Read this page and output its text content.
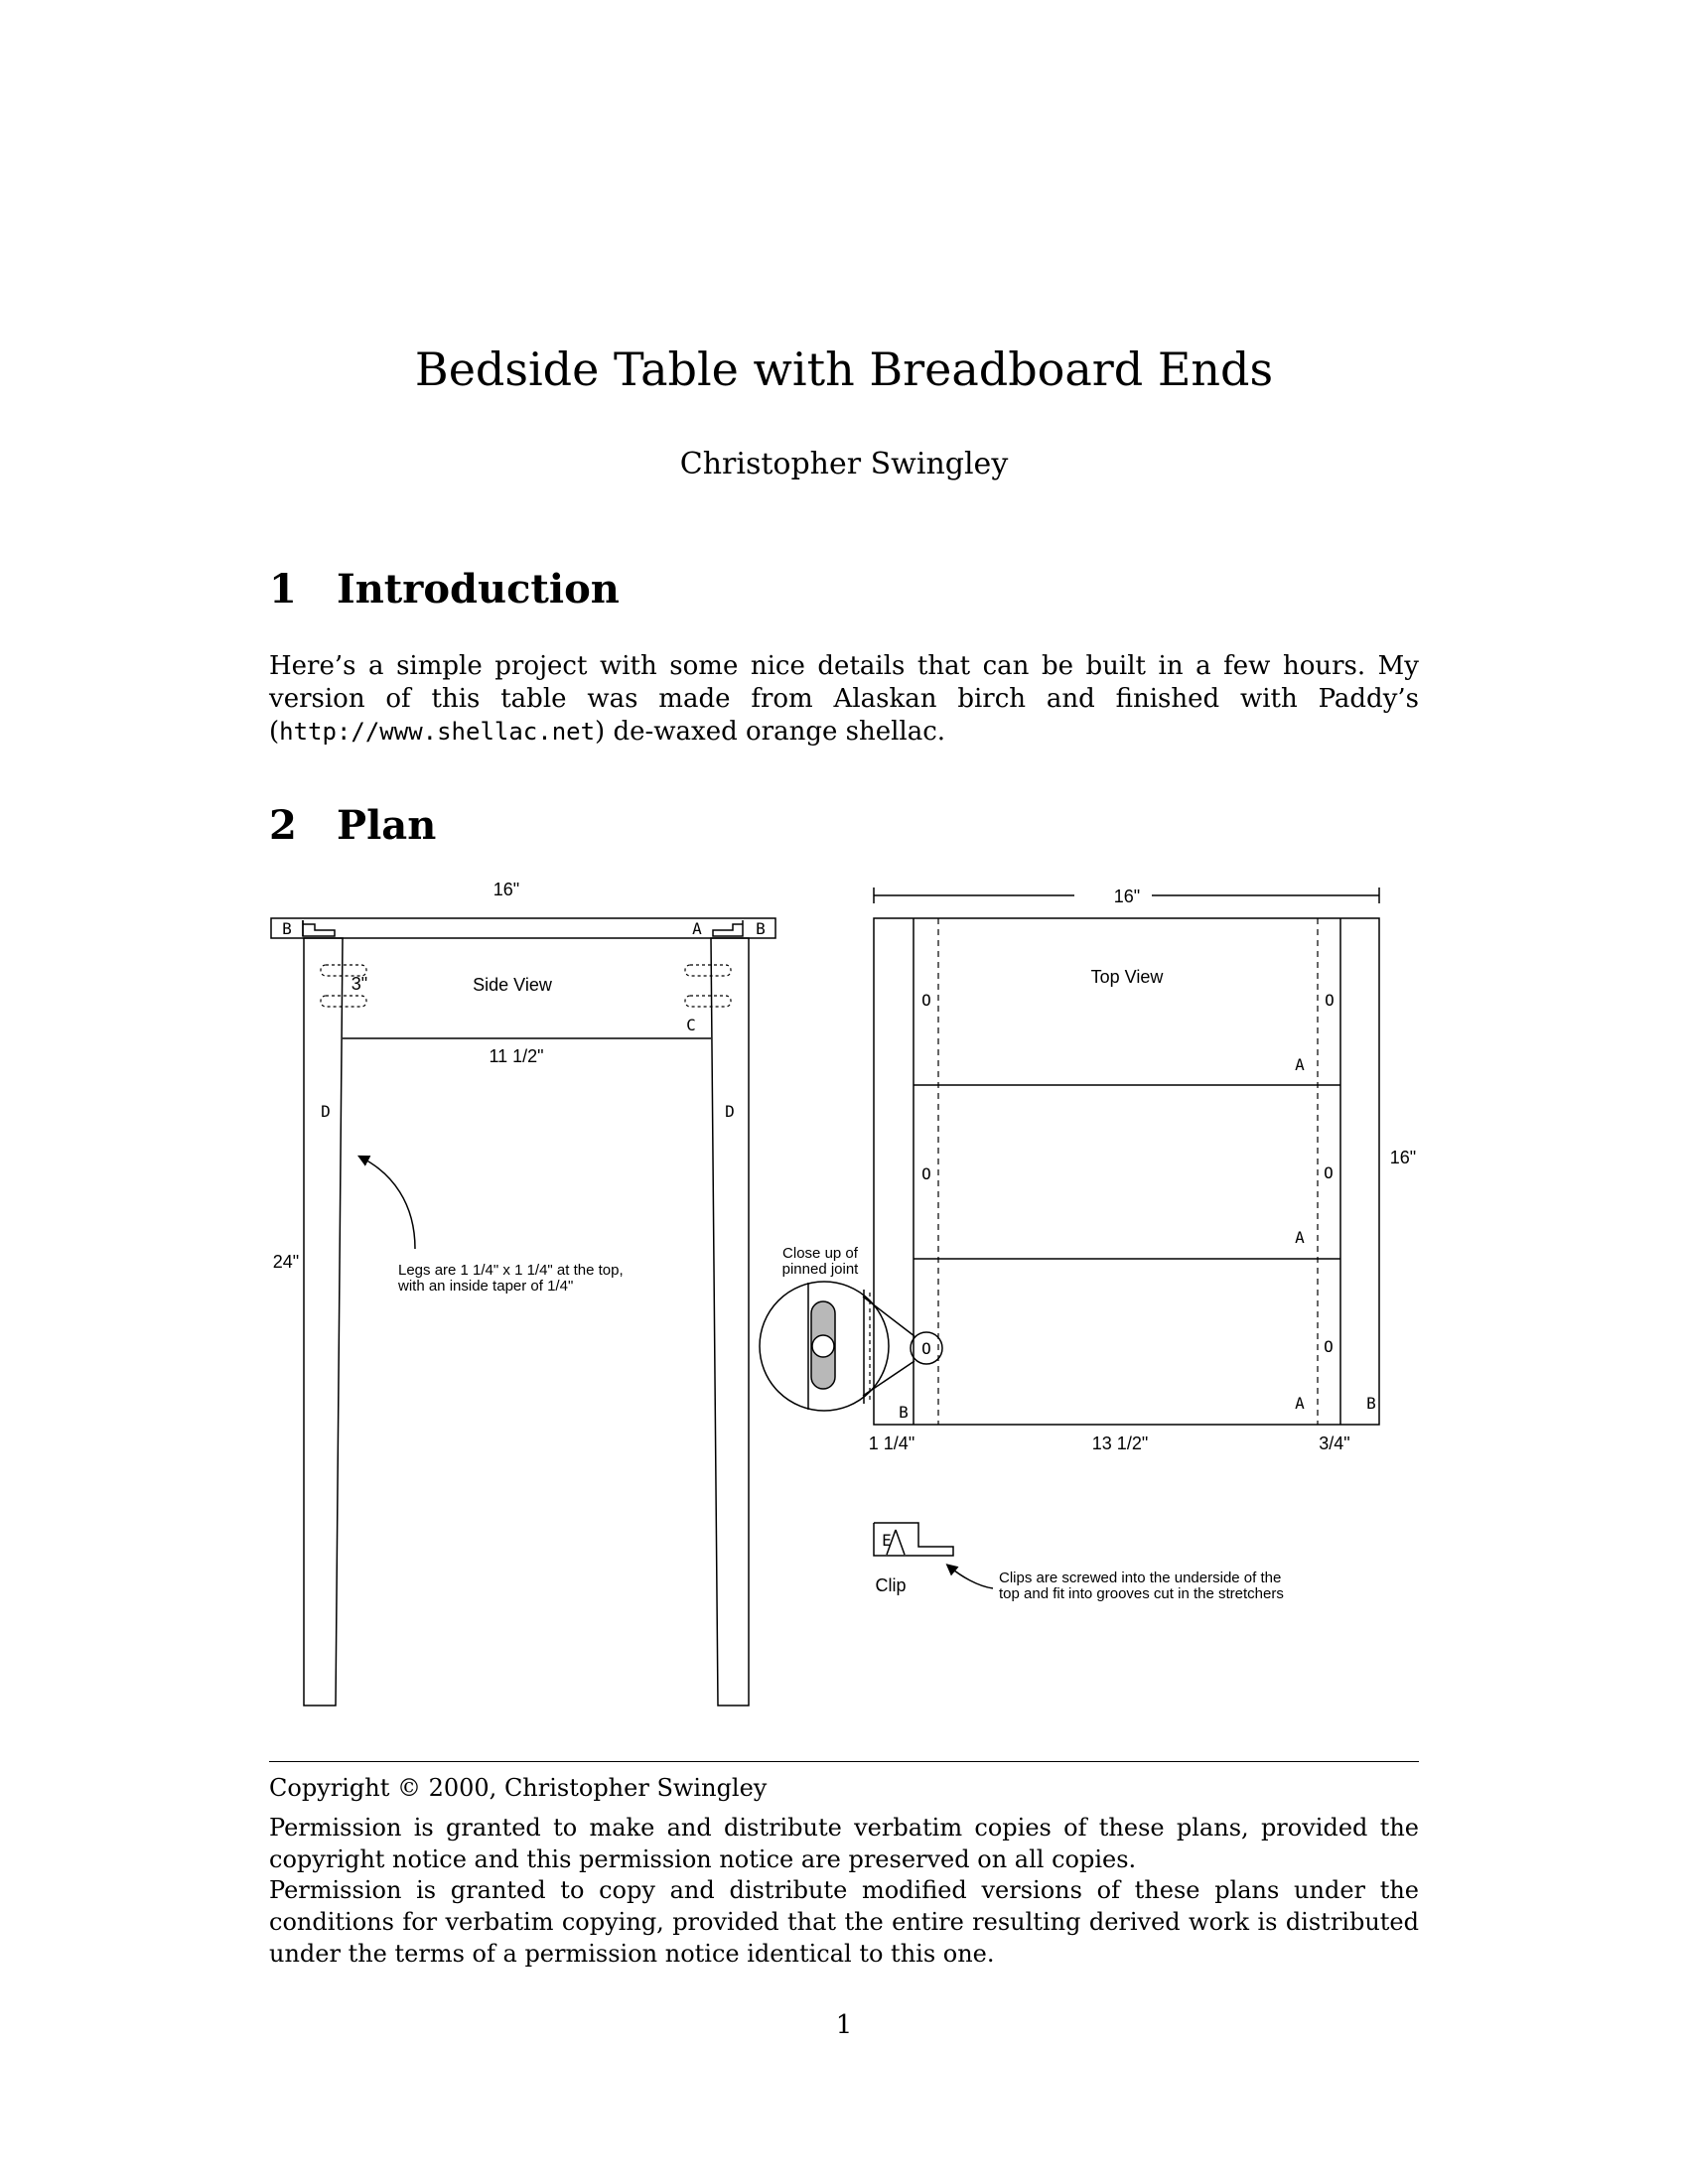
Bedside Table with Breadboard Ends
Christopher Swingley
1 Introduction

Here’s a simple project with some nice details that can be built in a few hours. My version of this table was made from Alaskan birch and finished with Paddy’s (http://www.shellac.net) de-waxed orange shellac.

2 Plan
16"
B	A	B
3"	Side View
C
11 1/2"
D	D
24"	Legs are 1 1/4" x 1 1/4" at the top,
with an inside taper of 1/4"
16"
Top View
16"
O	O
O	O
O
A
A
A
B	B
1 1/4"	13 1/2"	3/4"
Close up of
pinned joint
O
E
Clip	Clips are screwed into the underside of the
top and fit into grooves cut in the stretchers

Copyright © 2000, Christopher Swingley

Permission is granted to make and distribute verbatim copies of these plans, provided the copyright notice and this permission notice are preserved on all copies.

Permission is granted to copy and distribute modified versions of these plans under the conditions for verbatim copying, provided that the entire resulting derived work is distributed under the terms of a permission notice identical to this one.

1
